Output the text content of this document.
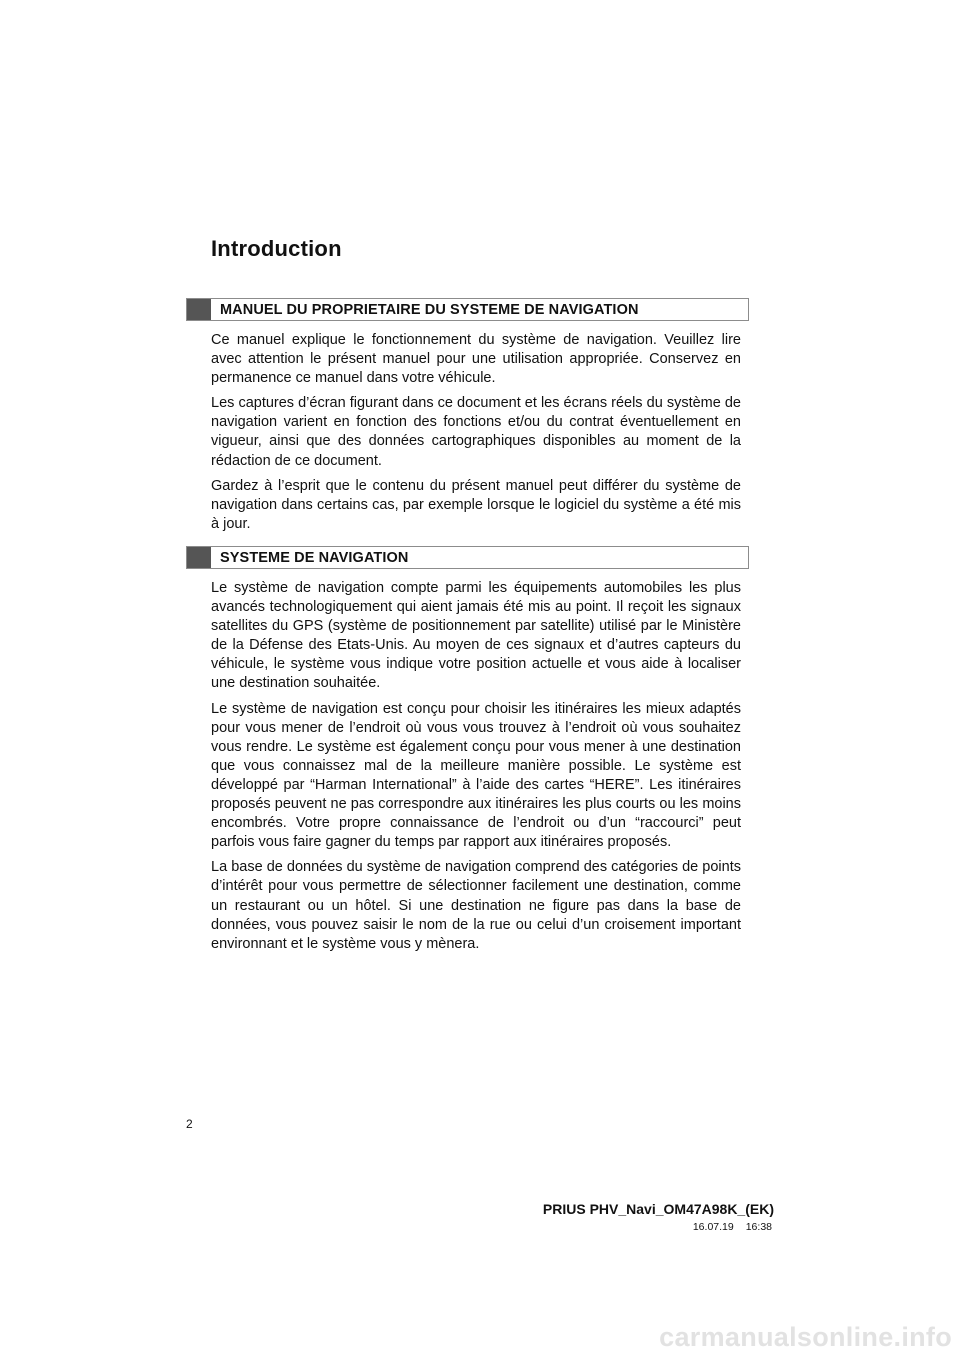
Introduction
MANUEL DU PROPRIETAIRE DU SYSTEME DE NAVIGATION

Ce manuel explique le fonctionnement du système de navigation. Veuillez lire avec attention le présent manuel pour une utilisation appropriée. Conservez en permanence ce manuel dans votre véhicule.

Les captures d’écran figurant dans ce document et les écrans réels du système de navigation varient en fonction des fonctions et/ou du contrat éventuellement en vigueur, ainsi que des données cartographiques disponibles au moment de la rédaction de ce document.

Gardez à l’esprit que le contenu du présent manuel peut différer du système de navigation dans certains cas, par exemple lorsque le logiciel du système a été mis à jour.

SYSTEME DE NAVIGATION

Le système de navigation compte parmi les équipements automobiles les plus avancés technologiquement qui aient jamais été mis au point. Il reçoit les signaux satellites du GPS (système de positionnement par satellite) utilisé par le Ministère de la Défense des Etats-Unis. Au moyen de ces signaux et d’autres capteurs du véhicule, le système vous indique votre position actuelle et vous aide à localiser une destination souhaitée.

Le système de navigation est conçu pour choisir les itinéraires les mieux adaptés pour vous mener de l’endroit où vous vous trouvez à l’endroit où vous souhaitez vous rendre. Le système est également conçu pour vous mener à une destination que vous connaissez mal de la meilleure manière possible. Le système est développé par “Harman International” à l’aide des cartes “HERE”. Les itinéraires proposés peuvent ne pas correspondre aux itinéraires les plus courts ou les moins encombrés. Votre propre connaissance de l’endroit ou d’un “raccourci” peut parfois vous faire gagner du temps par rapport aux itinéraires proposés.

La base de données du système de navigation comprend des catégories de points d’intérêt pour vous permettre de sélectionner facilement une destination, comme un restaurant ou un hôtel. Si une destination ne figure pas dans la base de données, vous pouvez saisir le nom de la rue ou celui d’un croisement important environnant et le système vous y mènera.

2
PRIUS PHV_Navi_OM47A98K_(EK)
16.07.19 16:38
carmanualsonline.info
